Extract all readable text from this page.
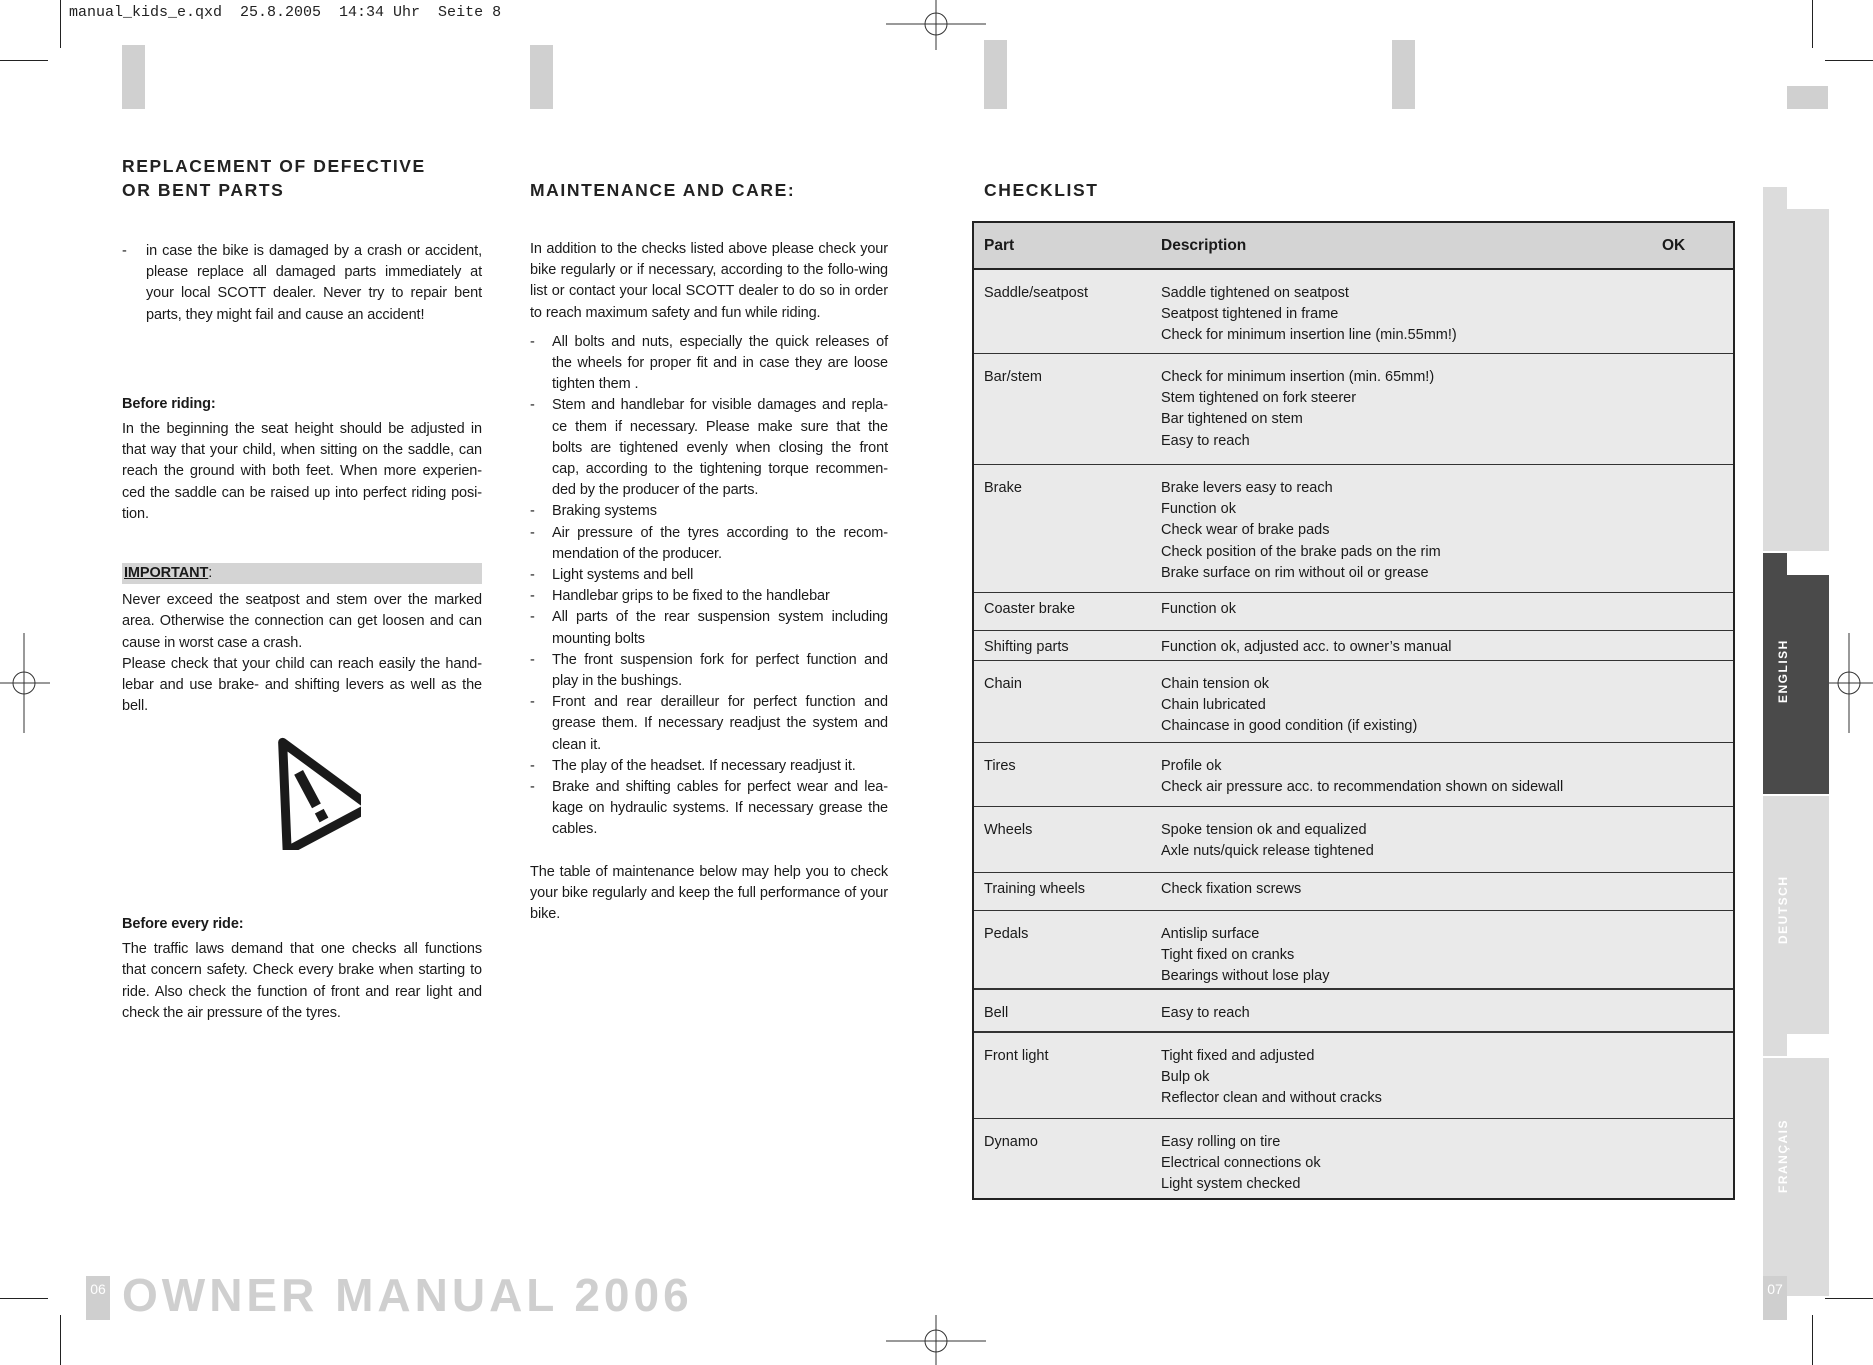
manual_kids_e.qxd  25.8.2005  14:34 Uhr  Seite 8
REPLACEMENT OF DEFECTIVE
OR BENT PARTS
- in case the bike is damaged by a crash or accident, please replace all damaged parts immediately at your local SCOTT dealer. Never try to repair bent parts, they might fail and cause an accident!
Before riding:

In the beginning the seat height should be adjusted in that way that your child, when sitting on the saddle, can reach the ground with both feet. When more experien-ced the saddle can be raised up into perfect riding posi-tion.

IMPORTANT:

Never exceed the seatpost and stem over the marked area. Otherwise the connection can get loosen and can cause in worst case a crash.

Please check that your child can reach easily the hand-lebar and use brake- and shifting levers as well as the bell.

Before every ride:

The traffic laws demand that one checks all functions that concern safety. Check every brake when starting to ride. Also check the function of front and rear light and check the air pressure of the tyres.

MAINTENANCE AND CARE:

In addition to the checks listed above please check your bike regularly or if necessary, according to the follo-wing list or contact your local SCOTT dealer to do so in order to reach maximum safety and fun while riding.

- All bolts and nuts, especially the quick releases of the wheels for proper fit and in case they are loose tighten them .
- Stem and handlebar for visible damages and repla-ce them if necessary. Please make sure that the bolts are tightened evenly when closing the front cap, according to the tightening torque recommen-ded by the producer of the parts.
- Braking systems
- Air pressure of the tyres according to the recom-mendation of the producer.
- Light systems and bell
- Handlebar grips to be fixed to the handlebar
- All parts of the rear suspension system including mounting bolts
- The front suspension fork for perfect function and play in the bushings.
- Front and rear derailleur for perfect function and grease them. If necessary readjust the system and clean it.
- The play of the headset. If necessary readjust it.
- Brake and shifting cables for perfect wear and lea-kage on hydraulic systems. If necessary grease the cables.

The table of maintenance below may help you to check your bike regularly and keep the full performance of your bike.

CHECKLIST
Part	Description	OK
Saddle/seatpost	Saddle tightened on seatpost
Seatpost tightened in frame
Check for minimum insertion line (min.55mm!)
Bar/stem	Check for minimum insertion (min. 65mm!)
Stem tightened on fork steerer
Bar tightened on stem
Easy to reach
Brake	Brake levers easy to reach
Function ok
Check wear of brake pads
Check position of the brake pads on the rim
Brake surface on rim without oil or grease
Coaster brake	Function ok
Shifting parts	Function ok, adjusted acc. to owner’s manual
Chain	Chain tension ok
Chain lubricated
Chaincase in good condition (if existing)
Tires	Profile ok
Check air pressure acc. to recommendation shown on sidewall
Wheels	Spoke tension ok and equalized
Axle nuts/quick release tightened
Training wheels	Check fixation screws
Pedals	Antislip surface
Tight fixed on cranks
Bearings without lose play
Bell	Easy to reach
Front light	Tight fixed and adjusted
Bulp ok
Reflector clean and without cracks
Dynamo	Easy rolling on tire
Electrical connections ok
Light system checked
ENGLISH
DEUTSCH
FRANÇAIS
06 OWNER MANUAL 2006	07
